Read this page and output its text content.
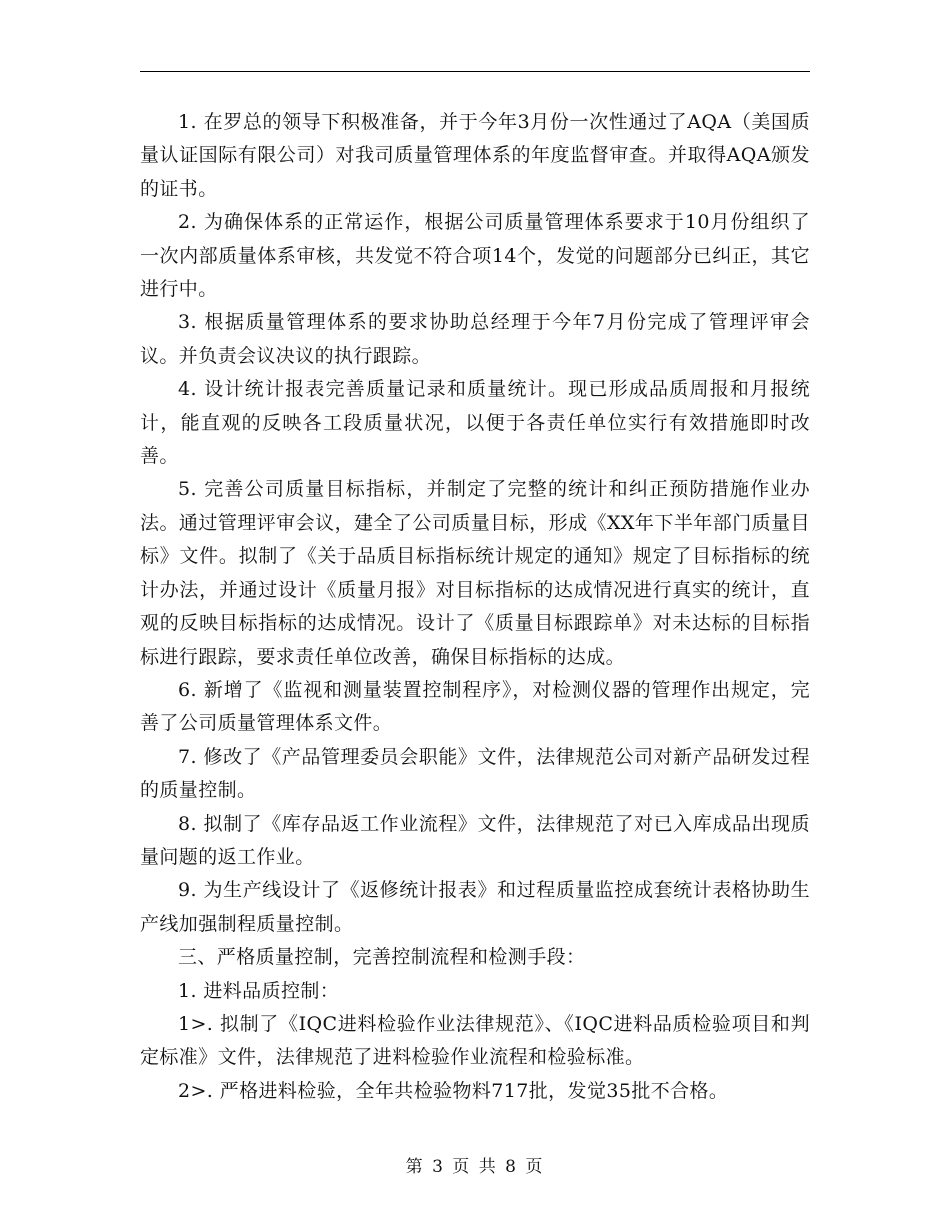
1. 在罗总的领导下积极准备，并于今年3月份一次性通过了AQA（美国质量认证国际有限公司）对我司质量管理体系的年度监督审查。并取得AQA颁发的证书。

2. 为确保体系的正常运作，根据公司质量管理体系要求于10月份组织了一次内部质量体系审核，共发觉不符合项14个，发觉的问题部分已纠正，其它进行中。

3. 根据质量管理体系的要求协助总经理于今年7月份完成了管理评审会议。并负责会议决议的执行跟踪。

4. 设计统计报表完善质量记录和质量统计。现已形成品质周报和月报统计，能直观的反映各工段质量状况，以便于各责任单位实行有效措施即时改善。

5. 完善公司质量目标指标，并制定了完整的统计和纠正预防措施作业办法。通过管理评审会议，建全了公司质量目标，形成《XX年下半年部门质量目标》文件。拟制了《关于品质目标指标统计规定的通知》规定了目标指标的统计办法，并通过设计《质量月报》对目标指标的达成情况进行真实的统计，直观的反映目标指标的达成情况。设计了《质量目标跟踪单》对未达标的目标指标进行跟踪，要求责任单位改善，确保目标指标的达成。

6. 新增了《监视和测量装置控制程序》，对检测仪器的管理作出规定，完善了公司质量管理体系文件。

7. 修改了《产品管理委员会职能》文件，法律规范公司对新产品研发过程的质量控制。

8. 拟制了《库存品返工作业流程》文件，法律规范了对已入库成品出现质量问题的返工作业。

9. 为生产线设计了《返修统计报表》和过程质量监控成套统计表格协助生产线加强制程质量控制。

三、严格质量控制，完善控制流程和检测手段：

1. 进料品质控制：

1>. 拟制了《IQC进料检验作业法律规范》、《IQC进料品质检验项目和判定标准》文件，法律规范了进料检验作业流程和检验标准。

2>. 严格进料检验，全年共检验物料717批，发觉35批不合格。

第 3 页 共 8 页
